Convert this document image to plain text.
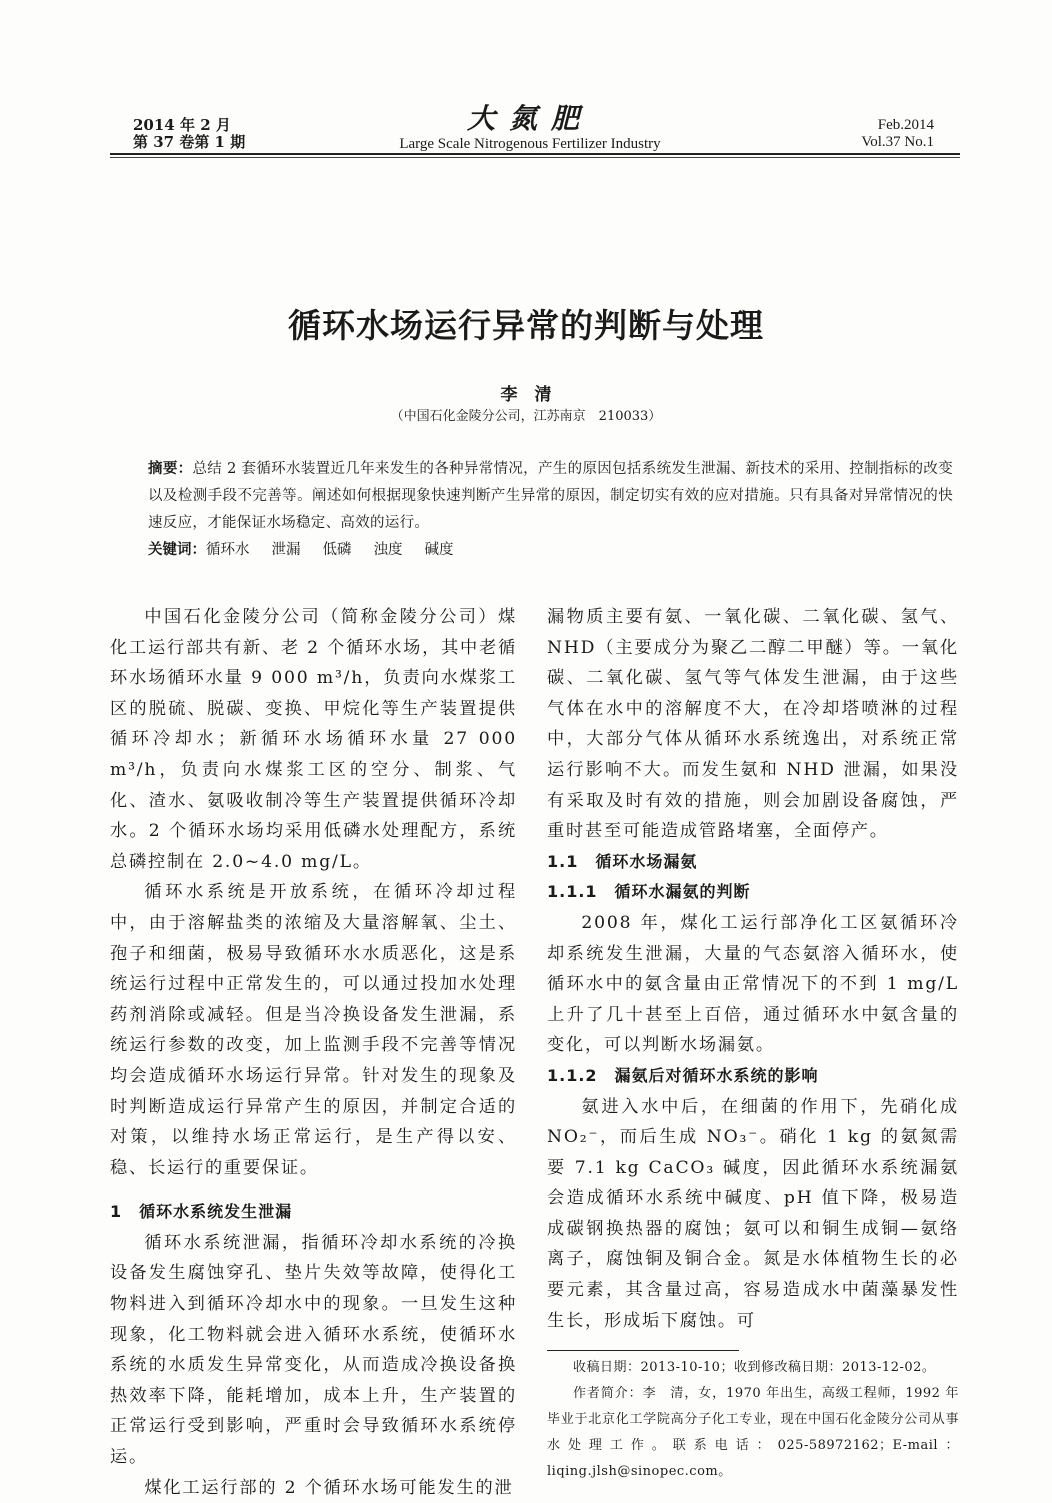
2014 年 2 月
第 37 卷第 1 期
大氮肥
Large Scale Nitrogenous Fertilizer Industry
Feb.2014
Vol.37 No.1
循环水场运行异常的判断与处理
李　清
（中国石化金陵分公司，江苏南京　210033）
摘要：总结 2 套循环水装置近几年来发生的各种异常情况，产生的原因包括系统发生泄漏、新技术的采用、控制指标的改变以及检测手段不完善等。阐述如何根据现象快速判断产生异常的原因，制定切实有效的应对措施。只有具备对异常情况的快速反应，才能保证水场稳定、高效的运行。
关键词：循环水 泄漏 低磷 浊度 碱度

中国石化金陵分公司（简称金陵分公司）煤化工运行部共有新、老 2 个循环水场，其中老循环水场循环水量 9 000 m³/h，负责向水煤浆工区的脱硫、脱碳、变换、甲烷化等生产装置提供循环冷却水；新循环水场循环水量 27 000 m³/h，负责向水煤浆工区的空分、制浆、气化、渣水、氨吸收制冷等生产装置提供循环冷却水。2 个循环水场均采用低磷水处理配方，系统总磷控制在 2.0~4.0 mg/L。

循环水系统是开放系统，在循环冷却过程中，由于溶解盐类的浓缩及大量溶解氧、尘土、孢子和细菌，极易导致循环水水质恶化，这是系统运行过程中正常发生的，可以通过投加水处理药剂消除或减轻。但是当冷换设备发生泄漏，系统运行参数的改变，加上监测手段不完善等情况均会造成循环水场运行异常。针对发生的现象及时判断造成运行异常产生的原因，并制定合适的对策，以维持水场正常运行，是生产得以安、稳、长运行的重要保证。

1　循环水系统发生泄漏

循环水系统泄漏，指循环冷却水系统的冷换设备发生腐蚀穿孔、垫片失效等故障，使得化工物料进入到循环冷却水中的现象。一旦发生这种现象，化工物料就会进入循环水系统，使循环水系统的水质发生异常变化，从而造成冷换设备换热效率下降，能耗增加，成本上升，生产装置的正常运行受到影响，严重时会导致循环水系统停运。

煤化工运行部的 2 个循环水场可能发生的泄

漏物质主要有氨、一氧化碳、二氧化碳、氢气、NHD（主要成分为聚乙二醇二甲醚）等。一氧化碳、二氧化碳、氢气等气体发生泄漏，由于这些气体在水中的溶解度不大，在冷却塔喷淋的过程中，大部分气体从循环水系统逸出，对系统正常运行影响不大。而发生氨和 NHD 泄漏，如果没有采取及时有效的措施，则会加剧设备腐蚀，严重时甚至可能造成管路堵塞，全面停产。

1.1　循环水场漏氨
1.1.1　循环水漏氨的判断

2008 年，煤化工运行部净化工区氨循环冷却系统发生泄漏，大量的气态氨溶入循环水，使循环水中的氨含量由正常情况下的不到 1 mg/L 上升了几十甚至上百倍，通过循环水中氨含量的变化，可以判断水场漏氨。

1.1.2　漏氨后对循环水系统的影响

氨进入水中后，在细菌的作用下，先硝化成 NO₂⁻，而后生成 NO₃⁻。硝化 1 kg 的氨氮需要 7.1 kg CaCO₃ 碱度，因此循环水系统漏氨会造成循环水系统中碱度、pH 值下降，极易造成碳钢换热器的腐蚀；氨可以和铜生成铜—氨络离子，腐蚀铜及铜合金。氮是水体植物生长的必要元素，其含量过高，容易造成水中菌藻暴发性生长，形成垢下腐蚀。可

收稿日期：2013-10-10；收到修改稿日期：2013-12-02。

作者简介：李　清，女，1970 年出生，高级工程师，1992 年毕业于北京化工学院高分子化工专业，现在中国石化金陵分公司从事水处理工作。联系电话：025-58972162；E-mail：liqing.jlsh@sinopec.com。
